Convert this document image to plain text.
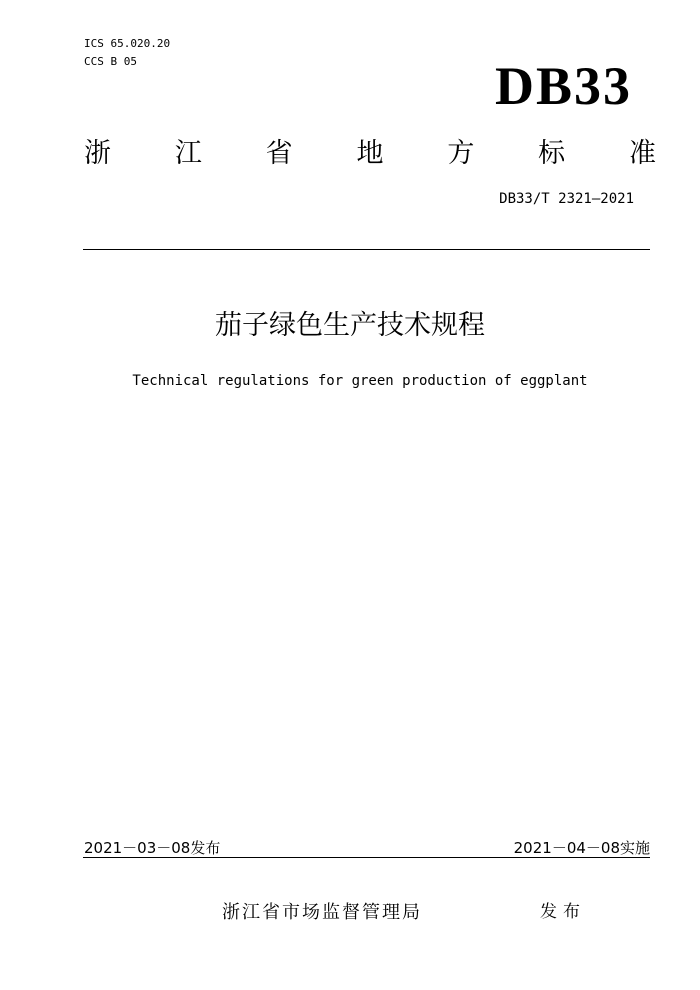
ICS 65.020.20
CCS B 05	DB33
浙 江 省 地 方 标 准
DB33/T 2321—2021
茄子绿色生产技术规程
Technical regulations for green production of eggplant
2021－03－08发布	2021－04－08实施
浙江省市场监督管理局	发布
